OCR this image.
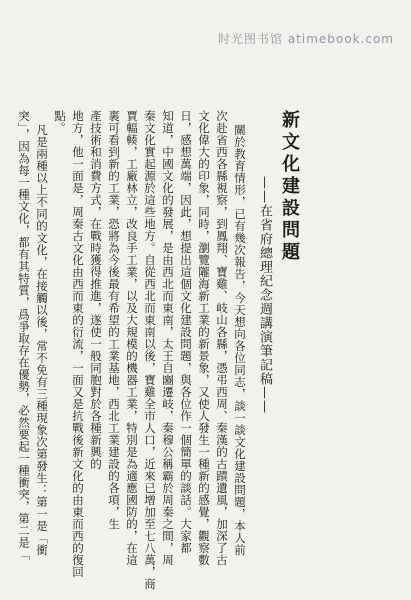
时光图书馆 atimebook.com
新文化建設問題
——在省府總理紀念週講演筆記稿——
關於教育情形，已有幾次報告，今天想向各位同志，談一談文化建設問題，本人前
次赴省西各縣視察，到鳳翔、寶雞、岐山各縣，憑弔西周、秦漢的古蹟遺風，加深了古
文化偉大的印象，同時，瀏覽隴海新工業的新景象，又使人發生一種新的感覺，觀察數
日，感想萬端，因此，想提出這個文化建設問題，與各位作一個簡單的談話。大家都
知道，中國文化的發展，是由西北而東南，太王自豳遷岐，秦穆公稱霸於周秦之間，周
秦文化實起源於這些地方。自從西北而東南以後，寶雞全市人口，近來已增加至七八萬，商
賈輻輳，工廠林立，改良手工業，以及大規模的機器工業，特別是為適應國防的，在這
裏可看到新的工業，恐將為今後最有希望的工業基地，西北工業建設的各項，生
產技術和消費方式，在戰時獲得推進，遂使一般同胞對於各種新興的
地方，他一面是，周秦古文化由西而東的衍流，一面又是抗戰後新文化的由東而西的復回
點。
凡是兩種以上不同的文化，在接觸以後，常不免有三種現象次第發生：第一是「衝
突」，因為每一種文化，都有其特質，爲爭取存在優勢，必然要起一種衝突，第二是「
